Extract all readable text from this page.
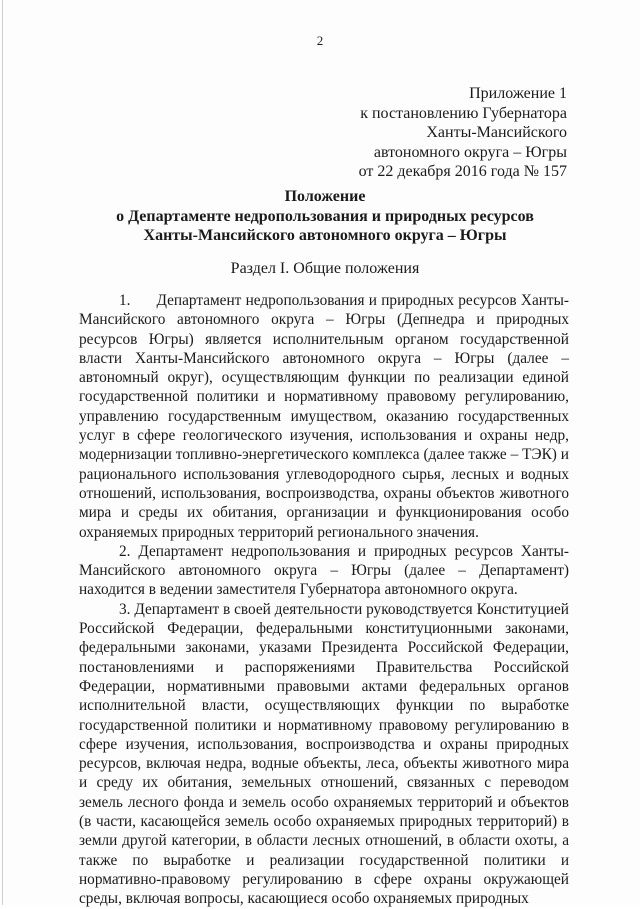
2
Приложение 1
к постановлению Губернатора
Ханты-Мансийского
автономного округа – Югры
от 22 декабря 2016 года № 157
Положение
о Департаменте недропользования и природных ресурсов
Ханты-Мансийского автономного округа – Югры
Раздел I. Общие положения

1. Департамент недропользования и природных ресурсов Ханты-Мансийского автономного округа – Югры (Депнедра и природных ресурсов Югры) является исполнительным органом государственной власти Ханты-Мансийского автономного округа – Югры (далее – автономный округ), осуществляющим функции по реализации единой государственной политики и нормативному правовому регулированию, управлению государственным имуществом, оказанию государственных услуг в сфере геологического изучения, использования и охраны недр, модернизации топливно-энергетического комплекса (далее также – ТЭК) и рационального использования углеводородного сырья, лесных и водных отношений, использования, воспроизводства, охраны объектов животного мира и среды их обитания, организации и функционирования особо охраняемых природных территорий регионального значения.

2. Департамент недропользования и природных ресурсов Ханты-Мансийского автономного округа – Югры (далее – Департамент) находится в ведении заместителя Губернатора автономного округа.

3. Департамент в своей деятельности руководствуется Конституцией Российской Федерации, федеральными конституционными законами, федеральными законами, указами Президента Российской Федерации, постановлениями и распоряжениями Правительства Российской Федерации, нормативными правовыми актами федеральных органов исполнительной власти, осуществляющих функции по выработке государственной политики и нормативному правовому регулированию в сфере изучения, использования, воспроизводства и охраны природных ресурсов, включая недра, водные объекты, леса, объекты животного мира и среду их обитания, земельных отношений, связанных с переводом земель лесного фонда и земель особо охраняемых территорий и объектов (в части, касающейся земель особо охраняемых природных территорий) в земли другой категории, в области лесных отношений, в области охоты, а также по выработке и реализации государственной политики и нормативно-правовому регулированию в сфере охраны окружающей среды, включая вопросы, касающиеся особо охраняемых природных
